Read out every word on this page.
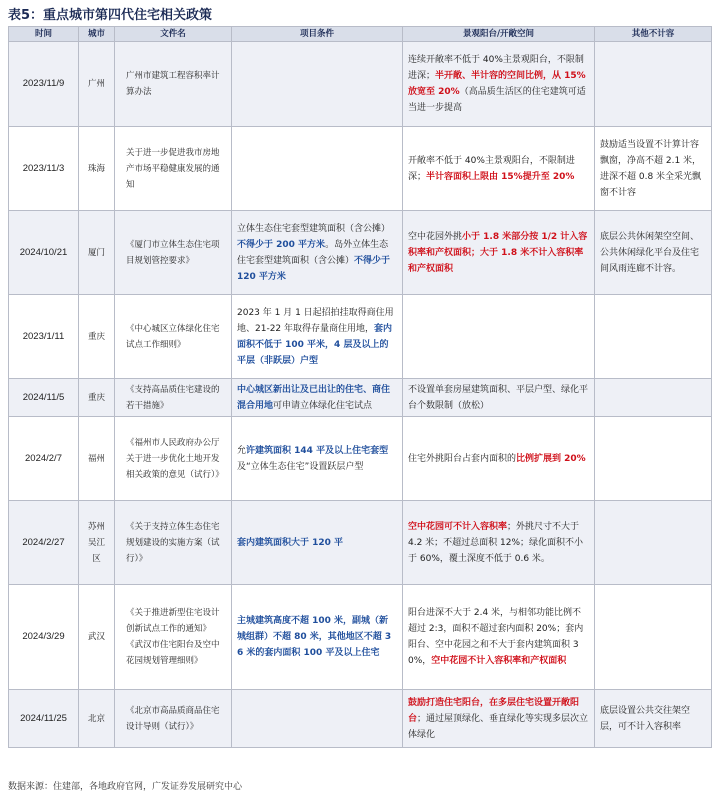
表5：重点城市第四代住宅相关政策
时间	城市	文件名	项目条件	景观阳台/开敞空间	其他不计容
2023/11/9	广州	广州市建筑工程容积率计算办法		连续开敞率不低于 40%主景观阳台，不限制进深；半开敞、半计容的空间比例，从 15%放宽至 20%（高品质生活区的住宅建筑可适当进一步提高	
2023/11/3	珠海	关于进一步促进我市房地产市场平稳健康发展的通知		开敞率不低于 40%主景观阳台，不限制进深；半计容面积上限由 15%提升至 20%	鼓励适当设置不计算计容飘窗，净高不超 2.1 米，进深不超 0.8 米全采光飘窗不计容
2024/10/21	厦门	《厦门市立体生态住宅项目规划管控要求》	立体生态住宅套型建筑面积（含公摊）不得少于 200 平方米。岛外立体生态住宅套型建筑面积（含公摊）不得少于 120 平方米	空中花园外挑小于 1.8 米部分按 1/2 计入容积率和产权面积；大于 1.8 米不计入容积率和产权面积	底层公共休闲架空空间、公共休闲绿化平台及住宅间风雨连廊不计容。
2023/1/11	重庆	《中心城区立体绿化住宅试点工作细则》	2023 年 1 月 1 日起招拍挂取得商住用地、21-22 年取得存量商住用地，套内面积不低于 100 平米，4 层及以上的平层（非跃层）户型		
2024/11/5	重庆	《支持高品质住宅建设的若干措施》	中心城区新出让及已出让的住宅、商住混合用地可申请立体绿化住宅试点	不设置单套房屋建筑面积、平层户型、绿化平台个数限制（放松）	
2024/2/7	福州	《福州市人民政府办公厅关于进一步优化土地开发相关政策的意见（试行）》	允许建筑面积 144 平及以上住宅套型及“立体生态住宅”设置跃层户型	住宅外挑阳台占套内面积的比例扩展到 20%	
2024/2/27	苏州吴江区	《关于支持立体生态住宅规划建设的实施方案（试行）》	套内建筑面积大于 120 平	空中花园可不计入容积率；外挑尺寸不大于 4.2 米；不超过总面积 12%；绿化面积不小于 60%，覆土深度不低于 0.6 米。	
2024/3/29	武汉	《关于推进新型住宅设计创新试点工作的通知》《武汉市住宅阳台及空中花园规划管理细则》	主城建筑高度不超 100 米，副城（新城组群）不超 80 米，其他地区不超 36 米的套内面积 100 平及以上住宅	阳台进深不大于 2.4 米，与相邻功能比例不超过 2:3，面积不超过套内面积 20%；套内阳台、空中花园之和不大于套内建筑面积 30%，空中花园不计入容积率和产权面积	
2024/11/25	北京	《北京市高品质商品住宅设计导则（试行）》		鼓励打造住宅阳台，在多层住宅设置开敞阳台；通过屋顶绿化、垂直绿化等实现多层次立体绿化	底层设置公共交往架空层，可不计入容积率
数据来源：住建部，各地政府官网，广发证券发展研究中心
